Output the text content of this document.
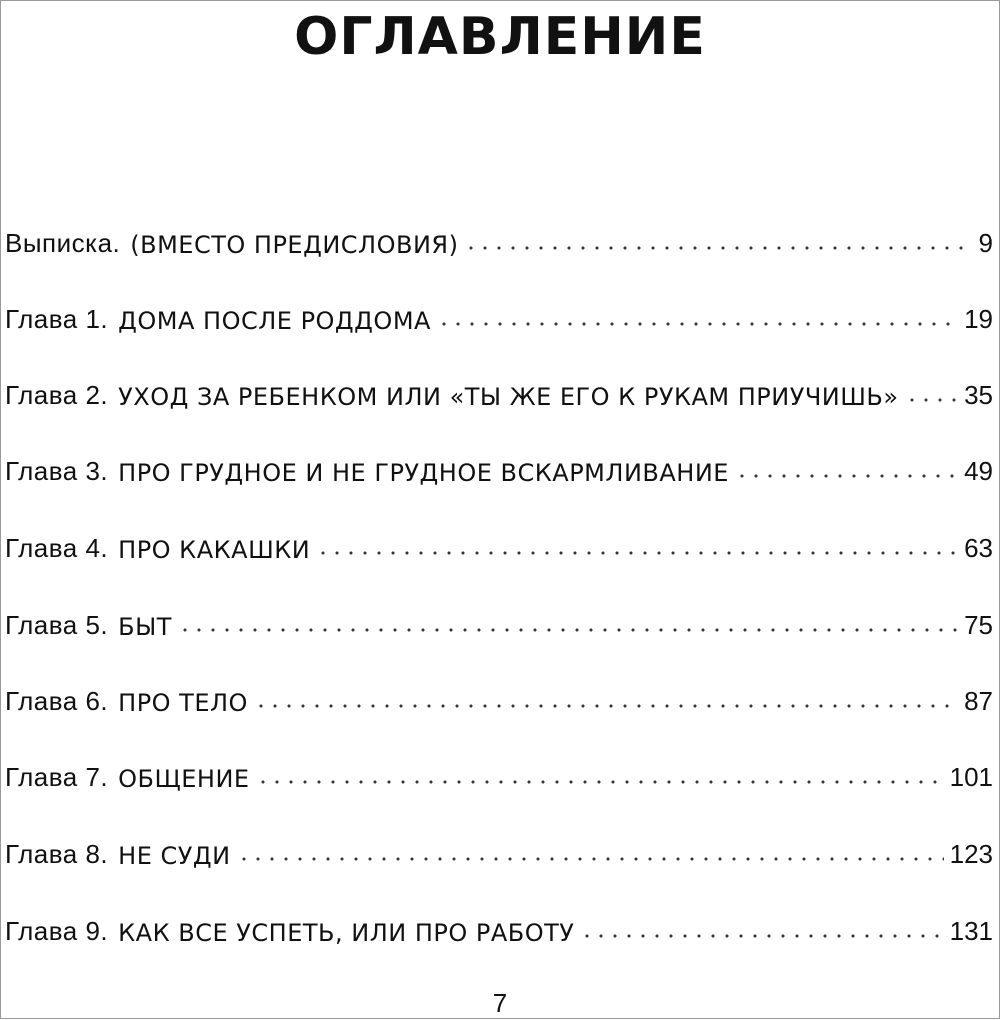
ОГЛАВЛЕНИЕ
Выписка. (ВМЕСТО ПРЕДИСЛОВИЯ)	9
Глава 1. ДОМА ПОСЛЕ РОДДОМА	19
Глава 2. УХОД ЗА РЕБЕНКОМ ИЛИ «ТЫ ЖЕ ЕГО К РУКАМ ПРИУЧИШЬ»	35
Глава 3. ПРО ГРУДНОЕ И НЕ ГРУДНОЕ ВСКАРМЛИВАНИЕ	49
Глава 4. ПРО КАКАШКИ	63
Глава 5. БЫТ	75
Глава 6. ПРО ТЕЛО	87
Глава 7. ОБЩЕНИЕ	101
Глава 8. НЕ СУДИ	123
Глава 9. КАК ВСЕ УСПЕТЬ, ИЛИ ПРО РАБОТУ	131
7
